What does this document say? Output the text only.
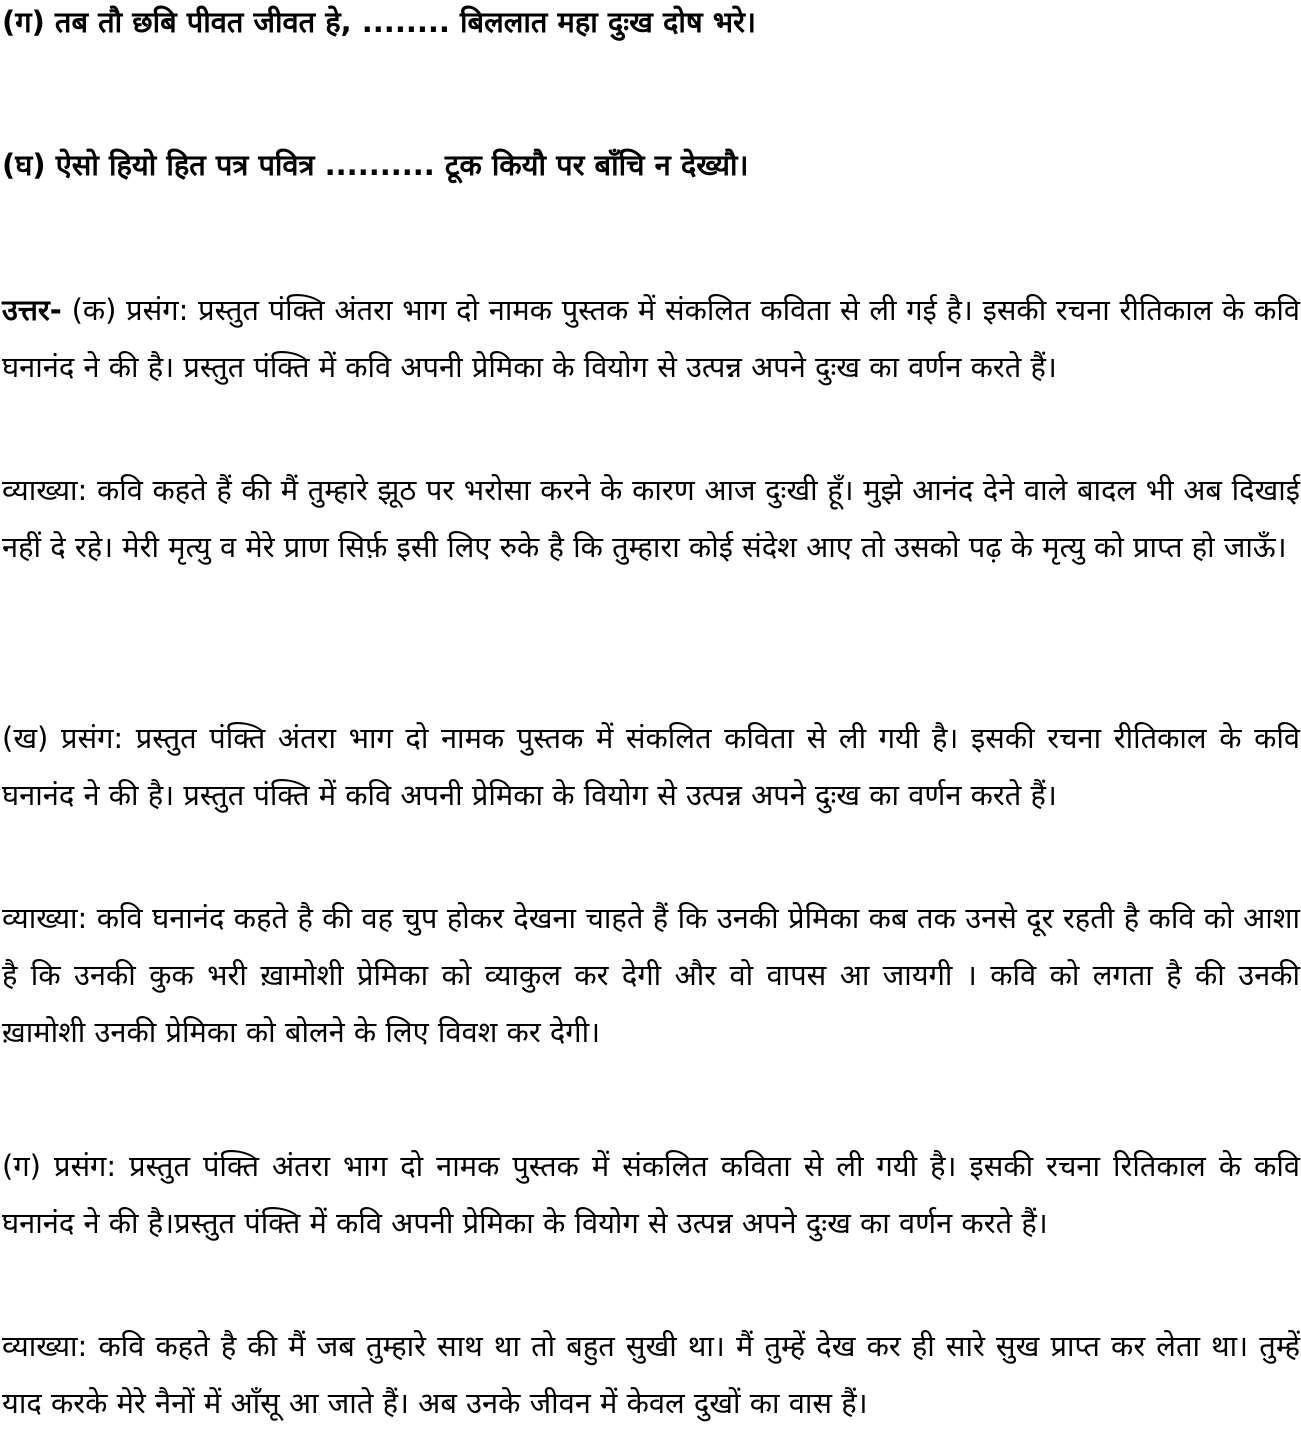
(ग) तब तौ छबि पीवत जीवत हे, ........ बिललात महा दुःख दोष भरे।

(घ) ऐसो हियो हित पत्र पवित्र .......... टूक कियौ पर बाँचि न देख्यौ।

उत्तर- (क) प्रसंग: प्रस्तुत पंक्ति अंतरा भाग दो नामक पुस्तक में संकलित कविता से ली गई है। इसकी रचना रीतिकाल के कवि घनानंद ने की है। प्रस्तुत पंक्ति में कवि अपनी प्रेमिका के वियोग से उत्पन्न अपने दुःख का वर्णन करते हैं।

व्याख्या: कवि कहते हैं की मैं तुम्हारे झूठ पर भरोसा करने के कारण आज दुःखी हूँ। मुझे आनंद देने वाले बादल भी अब दिखाई नहीं दे रहे। मेरी मृत्यु व मेरे प्राण सिर्फ़ इसी लिए रुके है कि तुम्हारा कोई संदेश आए तो उसको पढ़ के मृत्यु को प्राप्त हो जाऊँ।

(ख) प्रसंग: प्रस्तुत पंक्ति अंतरा भाग दो नामक पुस्तक में संकलित कविता से ली गयी है। इसकी रचना रीतिकाल के कवि घनानंद ने की है। प्रस्तुत पंक्ति में कवि अपनी प्रेमिका के वियोग से उत्पन्न अपने दुःख का वर्णन करते हैं।

व्याख्या: कवि घनानंद कहते है की वह चुप होकर देखना चाहते हैं कि उनकी प्रेमिका कब तक उनसे दूर रहती है कवि को आशा है कि उनकी कुक भरी ख़ामोशी प्रेमिका को व्याकुल कर देगी और वो वापस आ जायगी । कवि को लगता है की उनकी ख़ामोशी उनकी प्रेमिका को बोलने के लिए विवश कर देगी।

(ग) प्रसंग: प्रस्तुत पंक्ति अंतरा भाग दो नामक पुस्तक में संकलित कविता से ली गयी है। इसकी रचना रितिकाल के कवि घनानंद ने की है।प्रस्तुत पंक्ति में कवि अपनी प्रेमिका के वियोग से उत्पन्न अपने दुःख का वर्णन करते हैं।

व्याख्या: कवि कहते है की मैं जब तुम्हारे साथ था तो बहुत सुखी था। मैं तुम्हें देख कर ही सारे सुख प्राप्त कर लेता था। तुम्हें याद करके मेरे नैनों में आँसू आ जाते हैं। अब उनके जीवन में केवल दुखों का वास हैं।
